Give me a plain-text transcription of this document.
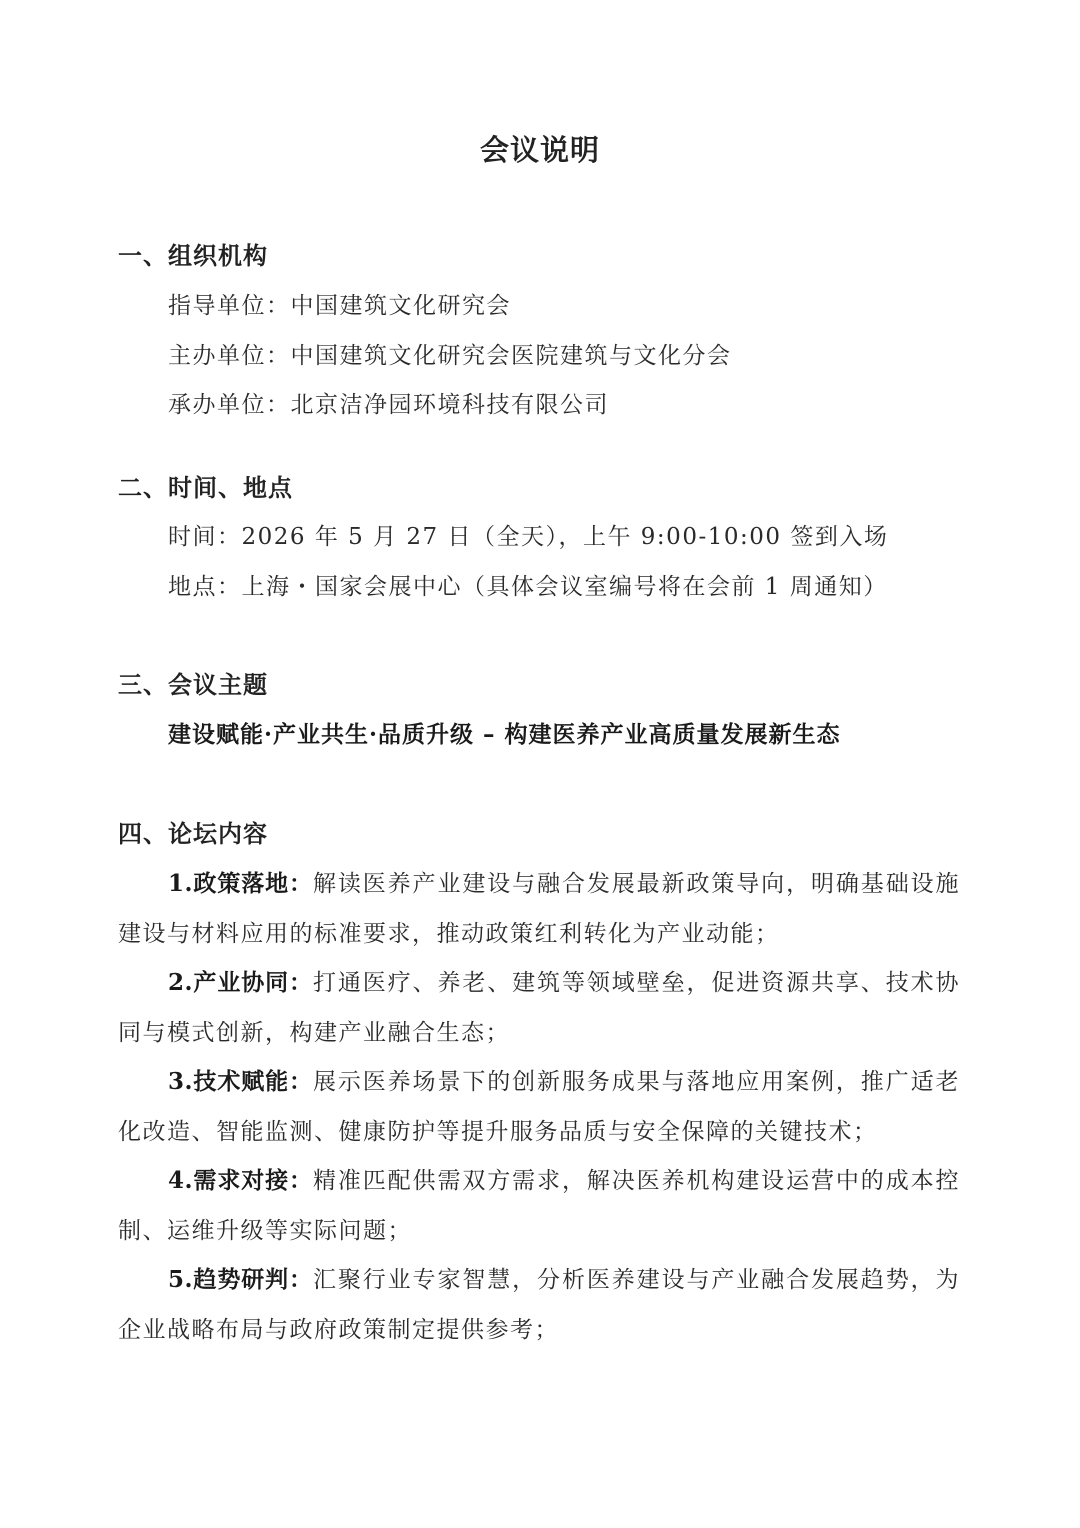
会议说明
一、组织机构
指导单位：中国建筑文化研究会
主办单位：中国建筑文化研究会医院建筑与文化分会
承办单位：北京洁净园环境科技有限公司
二、时间、地点
时间：2026 年 5 月 27 日（全天），上午 9:00-10:00 签到入场
地点：上海・国家会展中心（具体会议室编号将在会前 1 周通知）
三、会议主题
建设赋能·产业共生·品质升级 – 构建医养产业高质量发展新生态
四、论坛内容
1.政策落地：解读医养产业建设与融合发展最新政策导向，明确基础设施建设与材料应用的标准要求，推动政策红利转化为产业动能；
2.产业协同：打通医疗、养老、建筑等领域壁垒，促进资源共享、技术协同与模式创新，构建产业融合生态；
3.技术赋能：展示医养场景下的创新服务成果与落地应用案例，推广适老化改造、智能监测、健康防护等提升服务品质与安全保障的关键技术；
4.需求对接：精准匹配供需双方需求，解决医养机构建设运营中的成本控制、运维升级等实际问题；
5.趋势研判：汇聚行业专家智慧，分析医养建设与产业融合发展趋势，为企业战略布局与政府政策制定提供参考；
